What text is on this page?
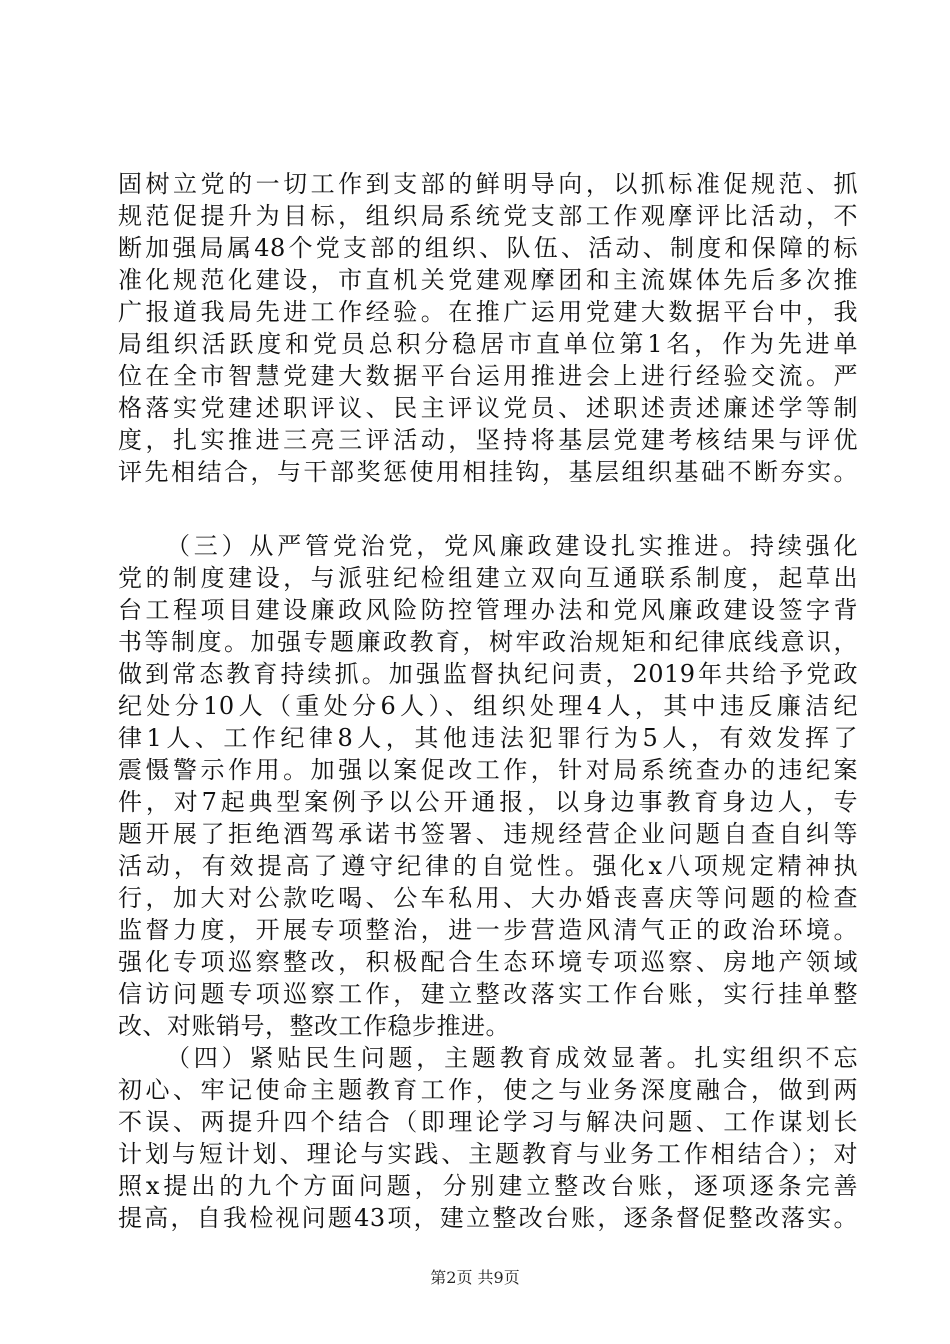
固树立党的一切工作到支部的鲜明导向，以抓标准促规范、抓
规范促提升为目标，组织局系统党支部工作观摩评比活动，不
断加强局属48个党支部的组织、队伍、活动、制度和保障的标
准化规范化建设，市直机关党建观摩团和主流媒体先后多次推
广报道我局先进工作经验。在推广运用党建大数据平台中，我
局组织活跃度和党员总积分稳居市直单位第1名，作为先进单
位在全市智慧党建大数据平台运用推进会上进行经验交流。严
格落实党建述职评议、民主评议党员、述职述责述廉述学等制
度，扎实推进三亮三评活动，坚持将基层党建考核结果与评优
评先相结合，与干部奖惩使用相挂钩，基层组织基础不断夯实。
（三）从严管党治党，党风廉政建设扎实推进。持续强化
党的制度建设，与派驻纪检组建立双向互通联系制度，起草出
台工程项目建设廉政风险防控管理办法和党风廉政建设签字背
书等制度。加强专题廉政教育，树牢政治规矩和纪律底线意识，
做到常态教育持续抓。加强监督执纪问责，2019年共给予党政
纪处分10人（重处分6人）、组织处理4人，其中违反廉洁纪
律1人、工作纪律8人，其他违法犯罪行为5人，有效发挥了
震慑警示作用。加强以案促改工作，针对局系统查办的违纪案
件，对7起典型案例予以公开通报，以身边事教育身边人，专
题开展了拒绝酒驾承诺书签署、违规经营企业问题自查自纠等
活动，有效提高了遵守纪律的自觉性。强化x八项规定精神执
行，加大对公款吃喝、公车私用、大办婚丧喜庆等问题的检查
监督力度，开展专项整治，进一步营造风清气正的政治环境。
强化专项巡察整改，积极配合生态环境专项巡察、房地产领域
信访问题专项巡察工作，建立整改落实工作台账，实行挂单整
改、对账销号，整改工作稳步推进。
（四）紧贴民生问题，主题教育成效显著。扎实组织不忘
初心、牢记使命主题教育工作，使之与业务深度融合，做到两
不误、两提升四个结合（即理论学习与解决问题、工作谋划长
计划与短计划、理论与实践、主题教育与业务工作相结合）；对
照x提出的九个方面问题，分别建立整改台账，逐项逐条完善
提高，自我检视问题43项，建立整改台账，逐条督促整改落实。
第2页 共9页
